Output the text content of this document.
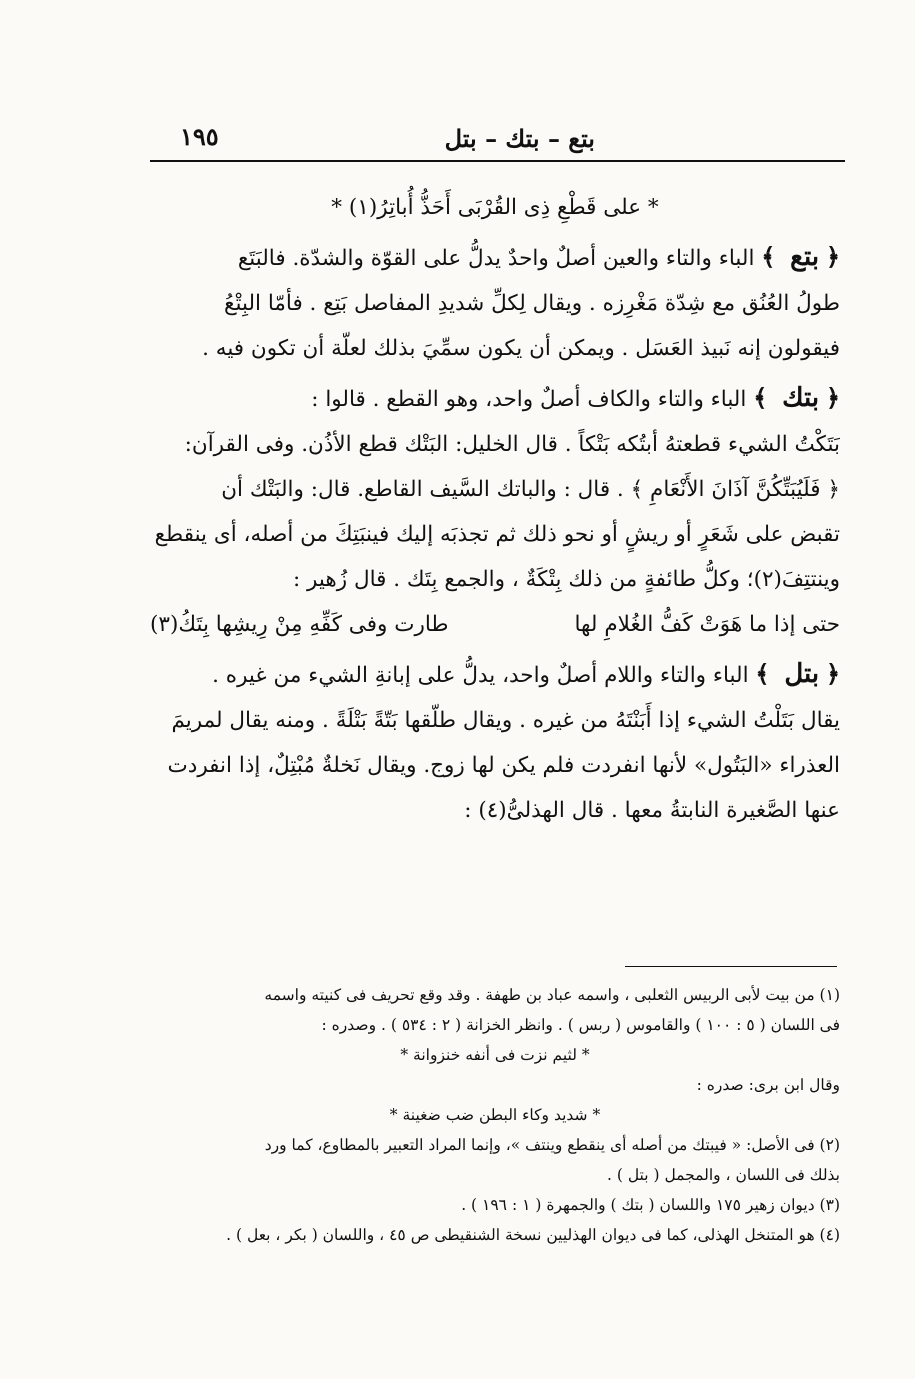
بتع – بتك – بتل
١٩٥
* على قَطْعِ ذِى القُرْبَى أَحَذُّ أُباتِرُ(١) *
﴿ بتع ﴾ الباء والتاء والعين أصلٌ واحدٌ يدلُّ على القوّة والشدّة. فالبَتَع
طولُ العُنُق مع شِدّة مَغْرِزه . ويقال لِكلِّ شديدِ المفاصل بَتِع . فأمّا البِتْعُ
فيقولون إنه نَبيذ العَسَل . ويمكن أن يكون سمِّيَ بذلك لعلّة أن تكون فيه .
﴿ بتك ﴾ الباء والتاء والكاف أصلٌ واحد، وهو القطع . قالوا :
بَتَكْتُ الشيء قطعتهُ أبتُكه بَتْكاً . قال الخليل: البَتْك قطع الأذُن. وفى القرآن:
﴿ فَلَيُبَتِّكُنَّ آذَانَ الأَنْعَامِ ﴾ . قال : والباتك السَّيف القاطع. قال: والبَتْك أن
تقبض على شَعَرٍ أو ريشٍ أو نحو ذلك ثم تجذبَه إليك فينبَتِكَ من أصله، أى ينقطع
وينتتِفَ(٢)؛ وكلُّ طائفةٍ من ذلك بِتْكَةٌ ، والجمع بِتَك . قال زُهير :
حتى إذا ما هَوَتْ كَفُّ الغُلامِ لها
طارت وفى كَفِّهِ مِنْ رِيشِها بِتَكُ(٣)
﴿ بتل ﴾ الباء والتاء واللام أصلٌ واحد، يدلُّ على إبانةِ الشيء من غيره .
يقال بَتَلْتُ الشيء إذا أَبَنْتَهُ من غيره . ويقال طلّقها بَتّةً بَتْلَةً . ومنه يقال لمريمَ
العذراء «البَتُول» لأنها انفردت فلم يكن لها زوج. ويقال نَخلةٌ مُبْتِلٌ، إذا انفردت
عنها الصَّغيرة النابتةُ معها . قال الهذلىُّ(٤) :
(١) من بيت لأبى الربيس الثعلبى ، واسمه عباد بن طهفة . وقد وقع تحريف فى كنيته واسمه
فى اللسان ( ٥ : ١٠٠ ) والقاموس ( ربس ) . وانظر الخزانة ( ٢ : ٥٣٤ ) . وصدره :
* لثيم نزت فى أنفه خنزوانة *
وقال ابن برى: صدره :
* شديد وكاء البطن ضب ضغينة *
(٢) فى الأصل: « فيبتك من أصله أى ينقطع وينتف »، وإنما المراد التعبير بالمطاوع، كما ورد
بذلك فى اللسان ، والمجمل ( بتل ) .
(٣) ديوان زهير ١٧٥ واللسان ( بتك ) والجمهرة ( ١ : ١٩٦ ) .
(٤) هو المتنخل الهذلى، كما فى ديوان الهذليين نسخة الشنقيطى ص ٤٥ ، واللسان ( بكر ، بعل ) .
